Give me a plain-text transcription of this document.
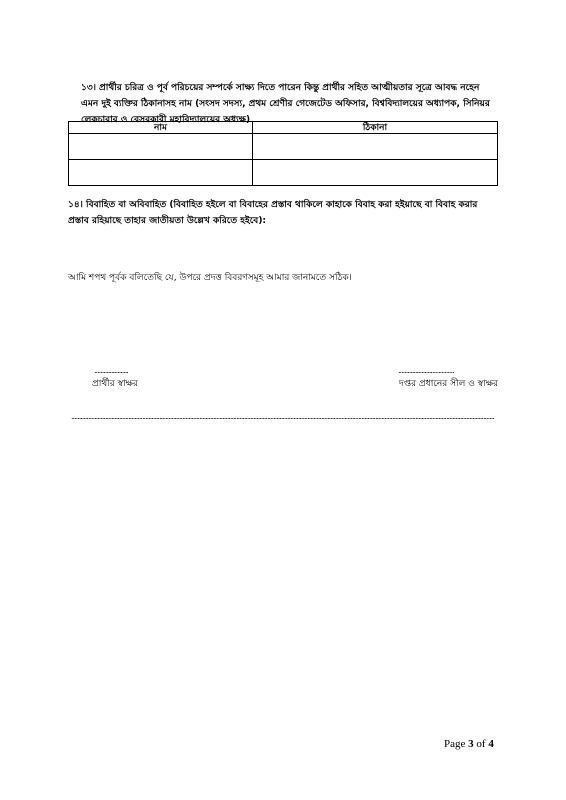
১৩। প্রার্থীর চরিত্র ও পূর্ব পরিচয়ের সম্পর্কে সাক্ষ্য দিতে পারেন কিন্তু প্রার্থীর সহিত আত্মীয়তার সূত্রে আবদ্ধ নহেন এমন দুই ব্যক্তির ঠিকানাসহ নাম (সংসদ সদস্য, প্রথম শ্রেণীর গেজেটেড অফিসার, বিশ্ববিদ্যালয়ের অধ্যাপক, সিনিয়র লেকচারার ও বেসরকারী মহাবিদ্যালয়ের অধ্যক্ষ)
নাম	ঠিকানা

১৪। বিবাহিত বা অবিবাহিত (বিবাহিত হইলে বা বিবাহের প্রস্তাব থাকিলে কাহাকে বিবাহ করা হইয়াছে বা বিবাহ করার প্রস্তাব রহিয়াছে তাহার জাতীয়তা উল্লেখ করিতে হইবে):
আমি শপথ পূর্বক বলিতেছি যে, উপরে প্রদত্ত বিবরণসমূহ আমার জানামতে সঠিক।
......................
প্রার্থীর স্বাক্ষর
....................................
দপ্তর প্রধানের সীল ও স্বাক্ষর
..................................................................................................................................................................................................................................................................................
Page 3 of 4
